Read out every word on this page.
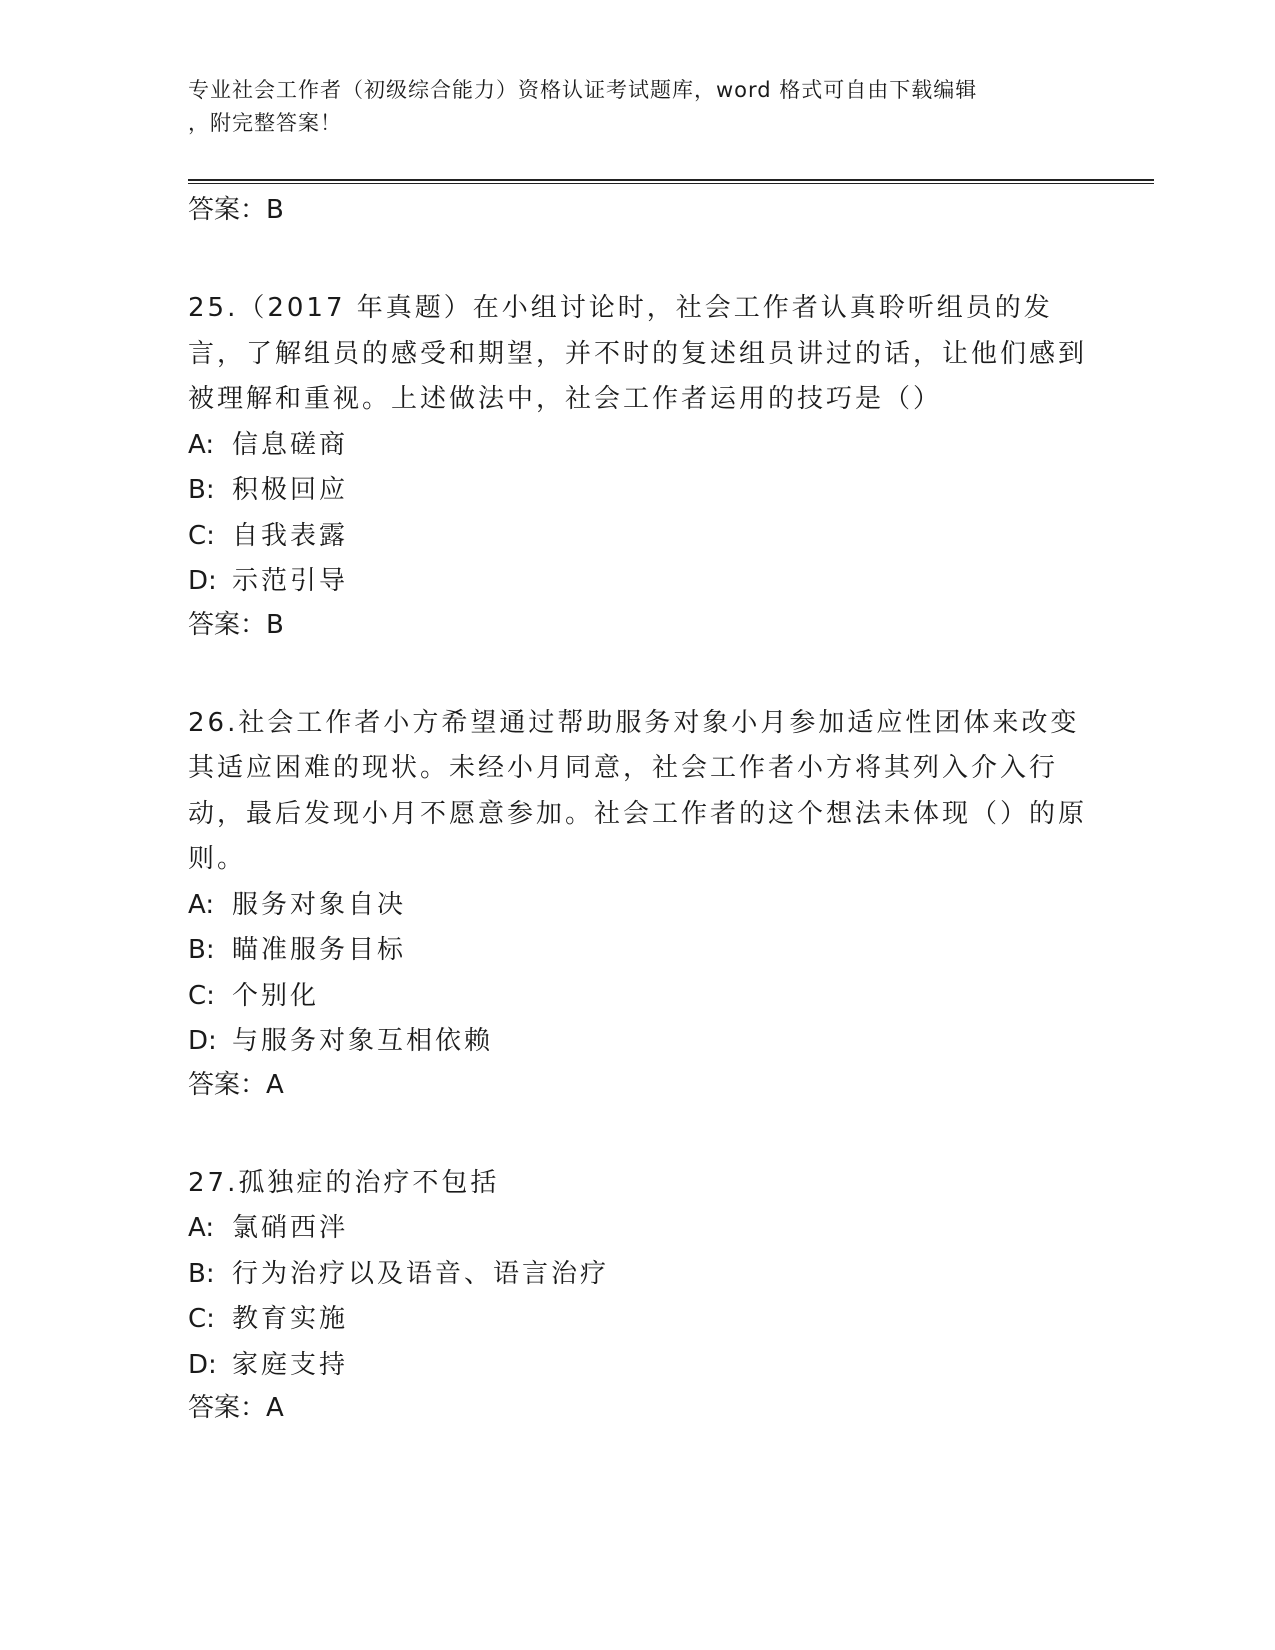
专业社会工作者（初级综合能力）资格认证考试题库，word 格式可自由下载编辑
，附完整答案！
答案：B
25.（2017 年真题）在小组讨论时，社会工作者认真聆听组员的发言，了解组员的感受和期望，并不时的复述组员讲过的话，让他们感到被理解和重视。上述做法中，社会工作者运用的技巧是（）
A: 信息磋商
B: 积极回应
C: 自我表露
D: 示范引导
答案：B
26.社会工作者小方希望通过帮助服务对象小月参加适应性团体来改变其适应困难的现状。未经小月同意，社会工作者小方将其列入介入行动，最后发现小月不愿意参加。社会工作者的这个想法未体现（）的原则。
A: 服务对象自决
B: 瞄准服务目标
C: 个别化
D: 与服务对象互相依赖
答案：A
27.孤独症的治疗不包括
A: 氯硝西泮
B: 行为治疗以及语音、语言治疗
C: 教育实施
D: 家庭支持
答案：A
